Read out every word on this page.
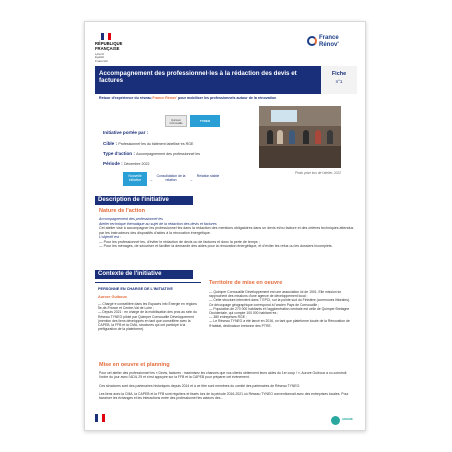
RÉPUBLIQUE
FRANÇAISE
Liberté
Égalité
Fraternité
France
Rénov'
Accompagnement des professionnel·les à la rédaction des devis et factures
Fiche
n°1
Retour d'expérience du réseau France Rénov' pour mobiliser les professionnels autour de la rénovation
Initiative portée par :
Cible : Professionnel·les du bâtiment labellisé·es RGE
Type d'action : Accompagnement des professionnel·les
Période : Décembre 2022
Quimper Cornouaille
TYNEO
Nouvelle initiative	→
Consolidation de la relation	→
Relation stable
Photo prise lors de l'atelier, 2022
Description de l'initiative
Nature de l'action
Accompagnement des professionnel·les
Atelier technique thématique au sujet de la rédaction des devis et factures
Cet atelier vise à accompagner les professionnel·les dans la rédaction des mentions obligatoires dans un devis et/ou facture et des critères techniques attendus par les instructeurs des dispositifs d'aides à la rénovation énergétique.
L'objectif est :
— Pour les professionnel·les, d'éviter le rédaction de devis ou de factures et donc la perte de temps ;
— Pour les ménages, de sécuriser et faciliter la demande des aides pour la rénovation énergétique, et d'éviter les refus ou les dossiers incomplets.
Contexte de l'initiative
PERSONNE EN CHARGE DE L'INITIATIVE
Aurore Guiboux
— Chargé·e conseillère dans les Espaces info Énergie en régions Île-de-France et Centre-Val de Loire ;
— Depuis 2021 : en charge de la mobilisation des pros au sein du Réseau TYNEO piloté par Quimper Cornouaille Développement (mention des liens développés en tant que conseillère avec la CAPEB, la FFB et la CMA, structures qui ont participé à la préfiguration de la plateforme).
Territoire de mise en oeuvre
— Quimper Cornouaille Développement est une association loi de 1901. Elle mission se rapprochent des missions d'une agence de développement local ;
— Cette structure intervient dans 7 EPCI, sur la pointe sud du Finistère (communes littorales). Ce découpage géographique correspond à l'ancien Pays de Cornouaille ;
— Population de 270 000 habitants et l'agglomération centrale est celle de Quimper Bretagne Occidentale, qui compte 100 000 habitant·es ;
— 380 entreprises RGE ;
— Le Réseau TYNEO a été lancé en 2016, on tant que plateforme locale de la Rénovation de l'Habitat, déclinaison bretonne des PTRE.
Mise en oeuvre et planning
Pour cet atelier des professionnel·les « Devis, factures : maximisez les chances que vos clients obtiennent leurs aides du 1er coup ! », Aurore Guiboux a co-construit l'ordre du jour avec l'ADIL 29 et s'est appuyée sur la FFB et la CAPEB pour préparer cet événement.

Ces structures sont des partenaires historiques depuis 2014 et à ce titre sont membres du comité des partenaires de Réseau TYNEO.

Les liens avec la CMA, la CAPEB et la FFB sont réguliers et tissés lors de la période 2016-2021 où Réseau TYNEO conventionnait avec des entreprises locales. Pour favoriser les échanges et les interactions entre des professionnel·les acteurs des...
ADEME
